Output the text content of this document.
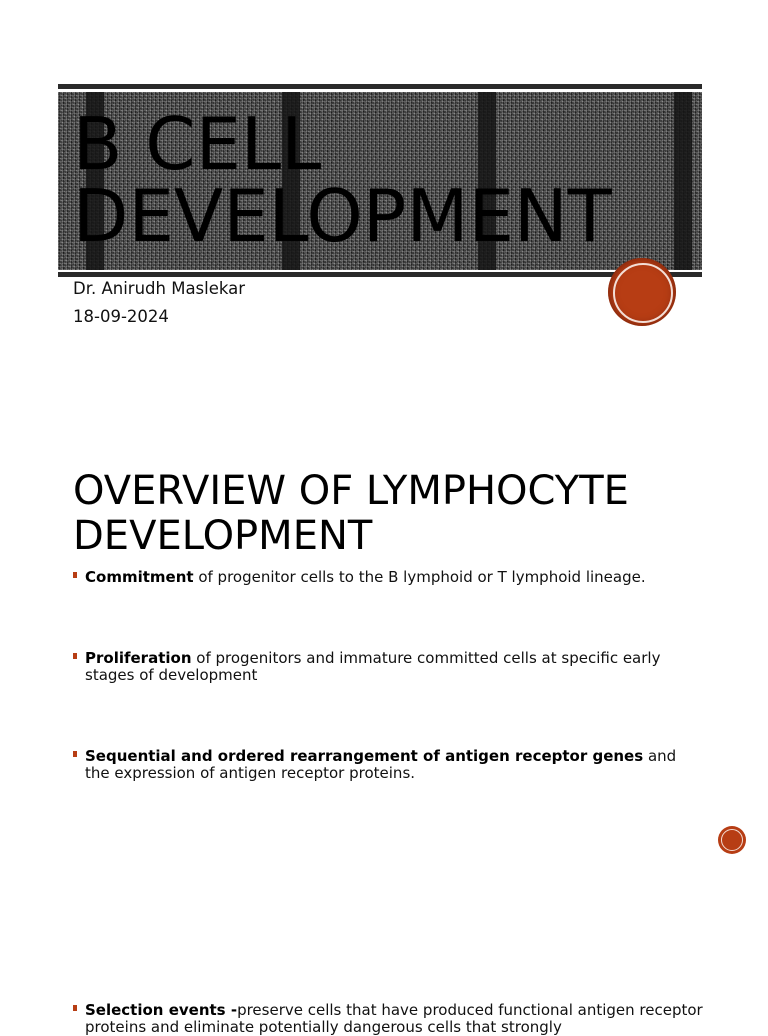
B CELL
DEVELOPMENT
Dr. Anirudh Maslekar
18-09-2024
OVERVIEW OF LYMPHOCYTE
DEVELOPMENT
Commitment of progenitor cells to the B lymphoid or T lymphoid lineage.
Proliferation of progenitors and immature committed cells at specific early stages of development
Sequential and ordered rearrangement of antigen receptor genes and the expression of antigen receptor proteins.
Selection events -preserve cells that have produced functional antigen receptor proteins and eliminate potentially dangerous cells that strongly
